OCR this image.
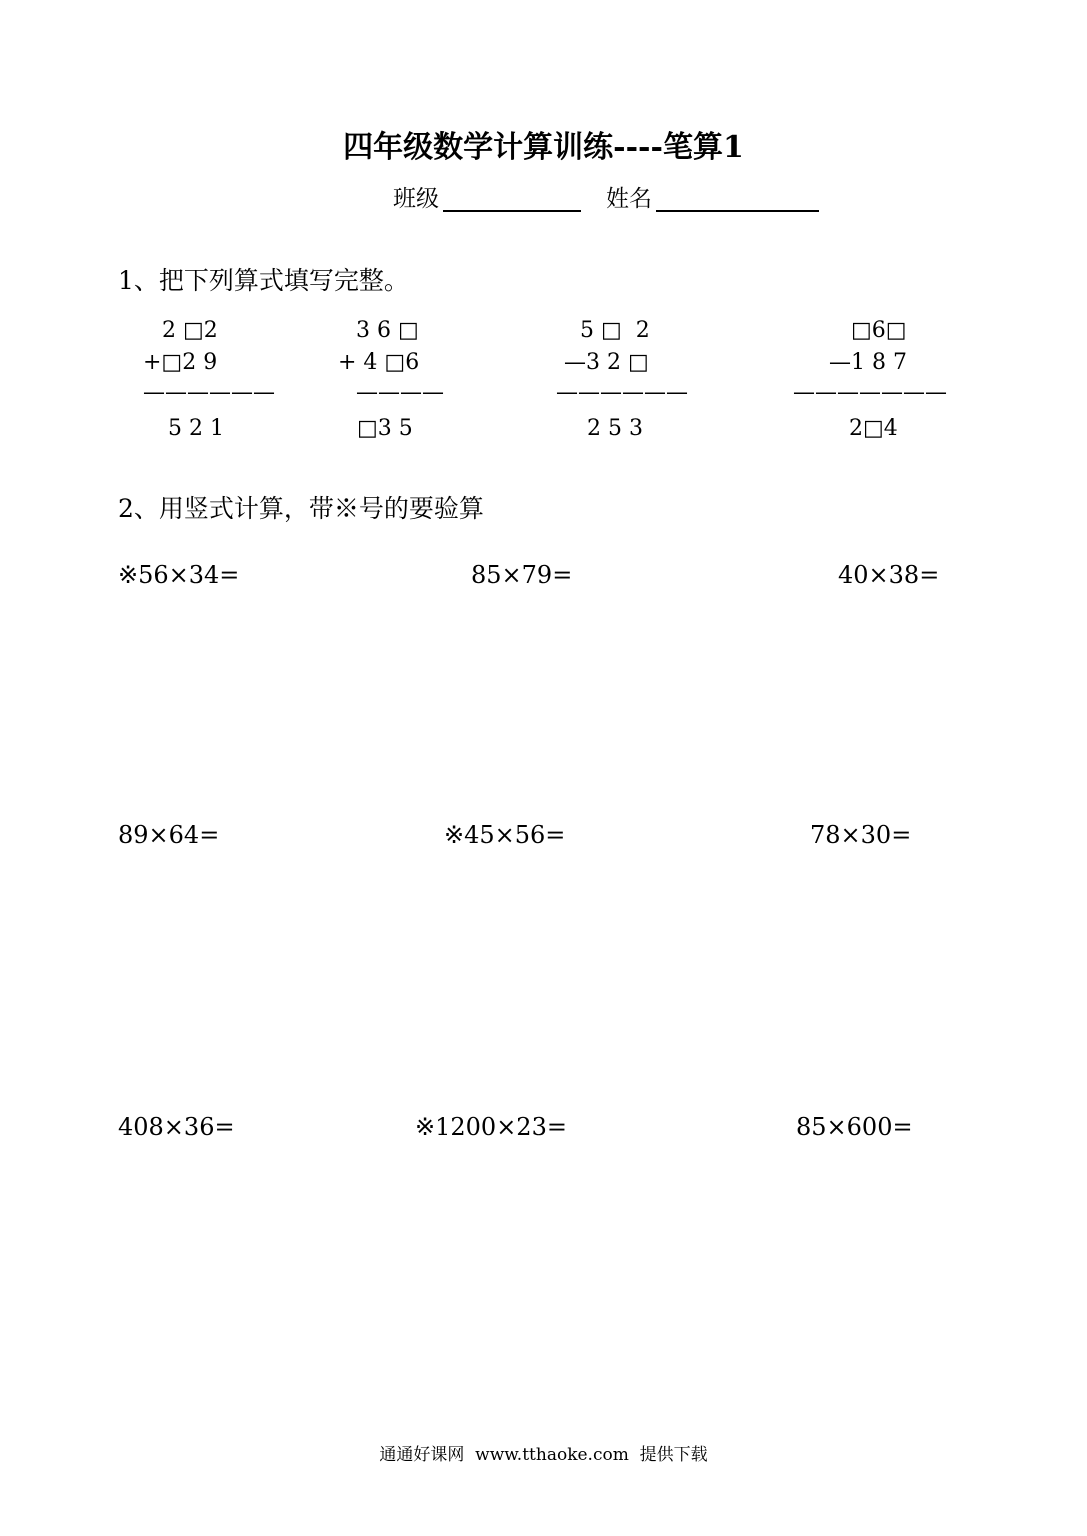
四年级数学计算训练----笔算1
班级	姓名
1、把下列算式填写完整。
2 □2
+□2 9
——————
5 2 1
3 6 □
+ 4 □6
————
□3 5
5 □  2
—3 2 □
——————
2 5 3
□6□
—1 8 7
———————
2□4
2、用竖式计算，带※号的要验算
※56×34=	85×79=	40×38=
89×64=	※45×56=	78×30=
408×36=	※1200×23=	85×600=
通通好课网  www.tthaoke.com  提供下载
